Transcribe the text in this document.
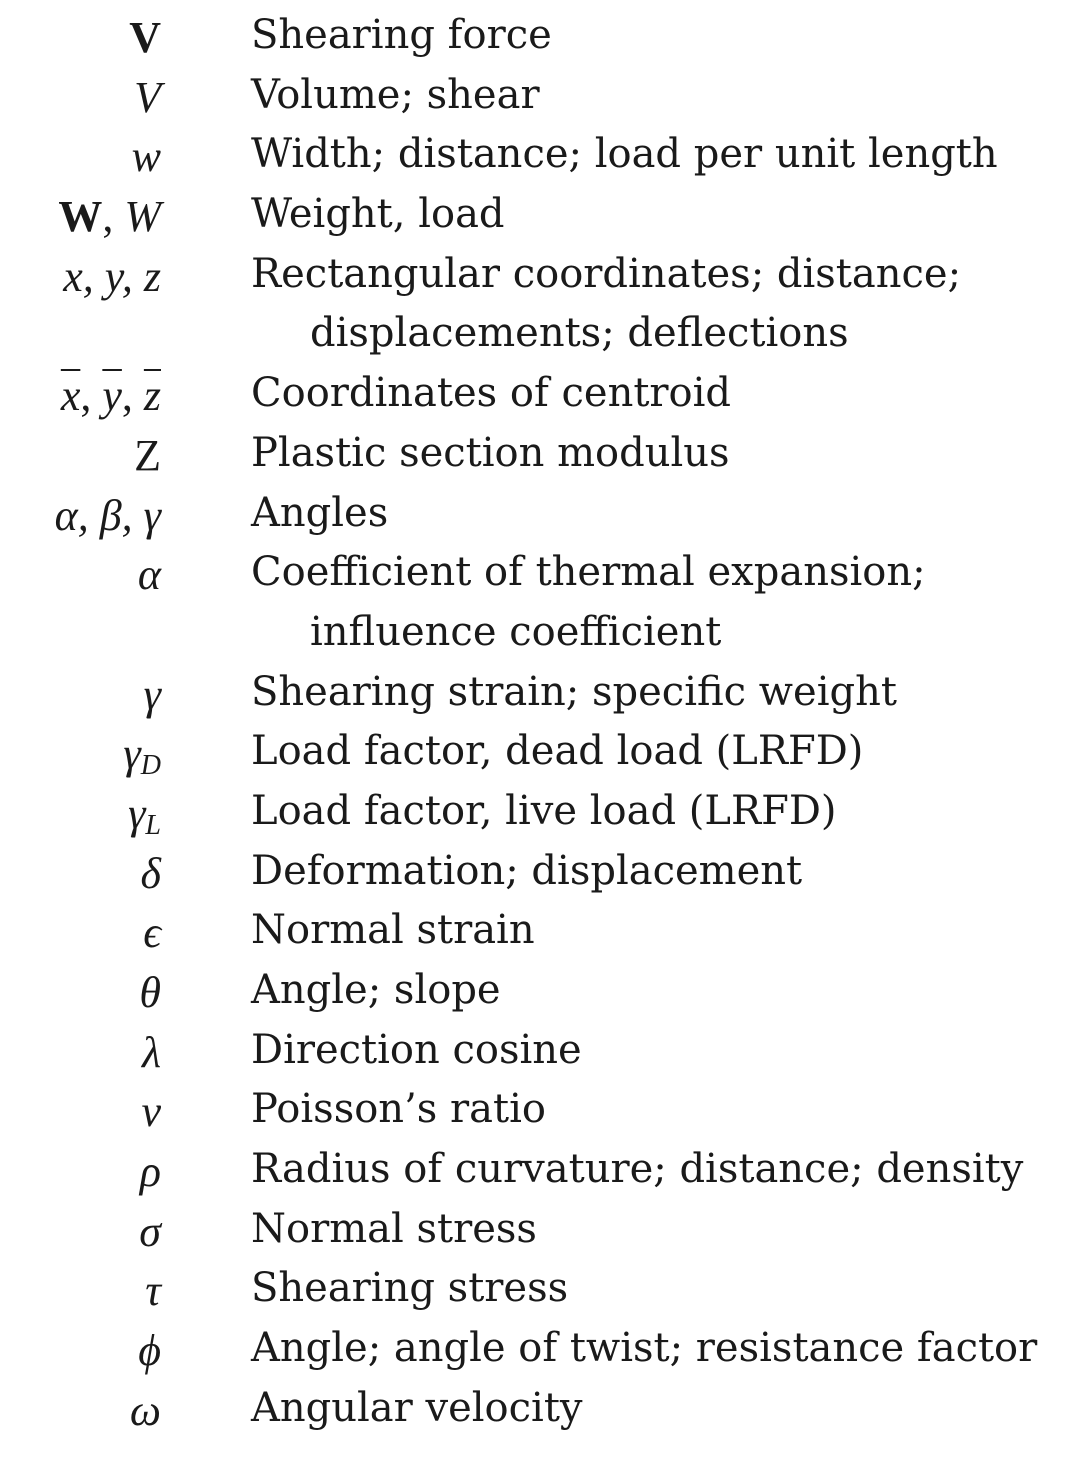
V Shearing force
V Volume; shear
w Width; distance; load per unit length
W, W Weight, load
x, y, z Rectangular coordinates; distance;
displacements; deflections
$\overline{x}$, $\overline{y}$, $\overline{z}$ Coordinates of centroid
Z Plastic section modulus
α, β, γ Angles
α Coefficient of thermal expansion;
influence coefficient
γ Shearing strain; specific weight
$\gamma_D$ Load factor, dead load (LRFD)
$\gamma_L$ Load factor, live load (LRFD)
δ Deformation; displacement
ϵ Normal strain
θ Angle; slope
λ Direction cosine
ν Poisson’s ratio
ρ Radius of curvature; distance; density
σ Normal stress
τ Shearing stress
ϕ Angle; angle of twist; resistance factor
ω Angular velocity
